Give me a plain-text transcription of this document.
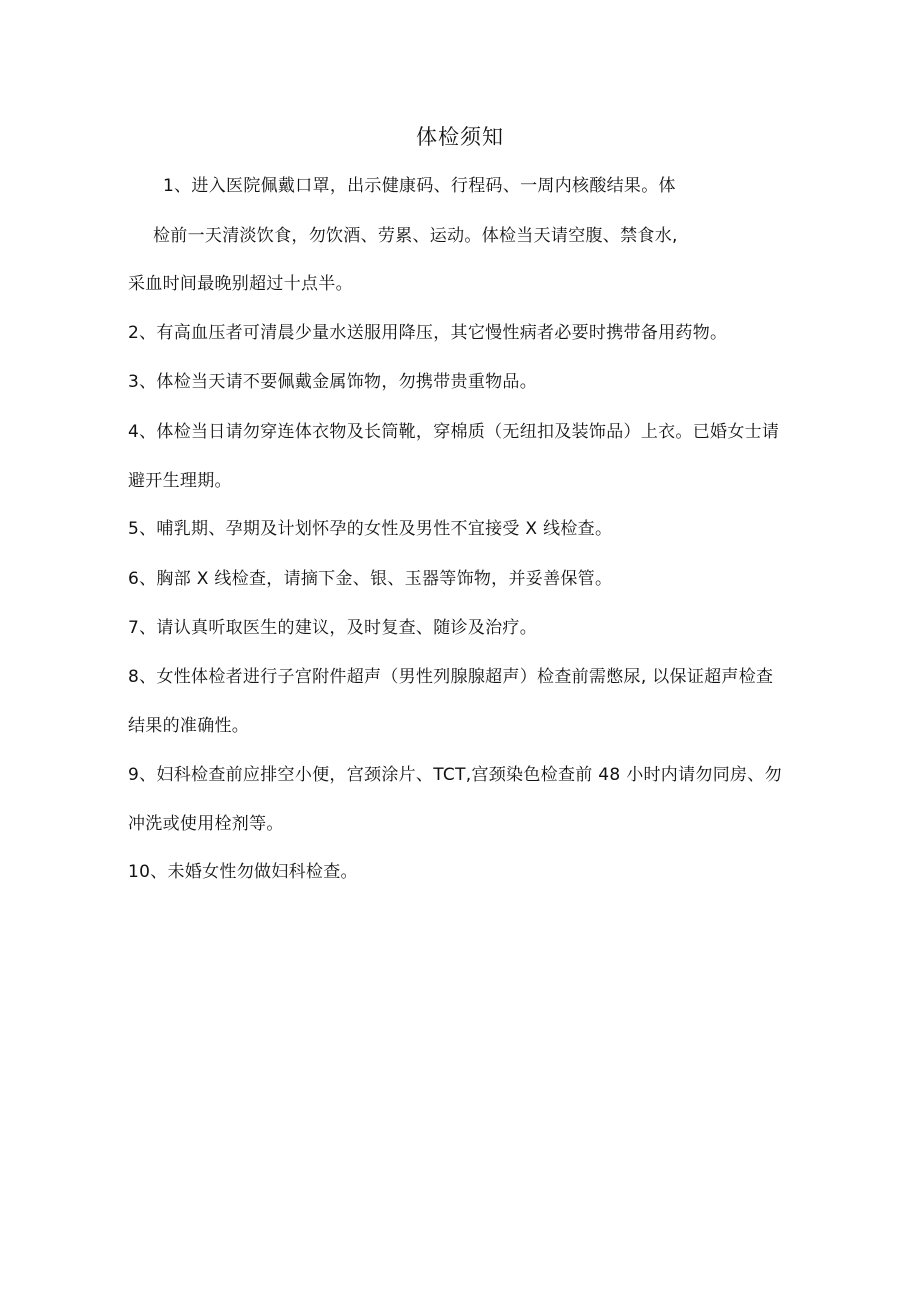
体检须知
1、进入医院佩戴口罩，出示健康码、行程码、一周内核酸结果。体
检前一天清淡饮食，勿饮酒、劳累、运动。体检当天请空腹、禁食水,
采血时间最晚别超过十点半。
2、有高血压者可清晨少量水送服用降压，其它慢性病者必要时携带备用药物。
3、体检当天请不要佩戴金属饰物，勿携带贵重物品。
4、体检当日请勿穿连体衣物及长筒靴，穿棉质（无纽扣及装饰品）上衣。已婚女士请
避开生理期。
5、哺乳期、孕期及计划怀孕的女性及男性不宜接受 X 线检查。
6、胸部 X 线检查，请摘下金、银、玉器等饰物，并妥善保管。
7、请认真听取医生的建议，及时复查、随诊及治疗。
8、女性体检者进行子宫附件超声（男性列腺腺超声）检查前需憋尿, 以保证超声检查
结果的准确性。
9、妇科检查前应排空小便，宫颈涂片、TCT,宫颈染色检查前 48 小时内请勿同房、勿
冲洗或使用栓剂等。
10、未婚女性勿做妇科检查。
